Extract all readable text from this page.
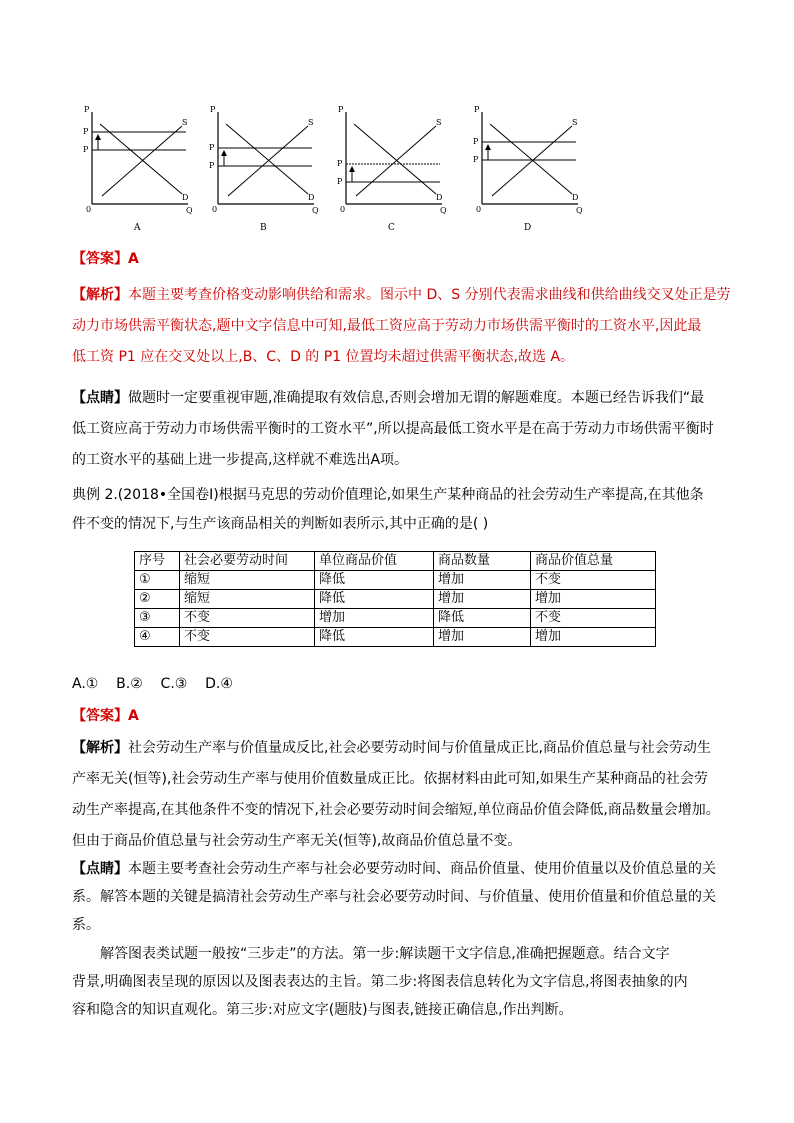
P
P
P
S
D
0	Q
A
P
P
P
S
D
0	Q
B
P
P
P
S
D
0	Q
C
P
P
P
S
D
0	Q
D
【答案】A
【解析】本题主要考查价格变动影响供给和需求。图示中 D、S 分别代表需求曲线和供给曲线交叉处正是劳
动力市场供需平衡状态,题中文字信息中可知,最低工资应高于劳动力市场供需平衡时的工资水平,因此最
低工资 P1 应在交叉处以上,B、C、D 的 P1 位置均未超过供需平衡状态,故选 A。
【点睛】做题时一定要重视审题,准确提取有效信息,否则会增加无谓的解题难度。本题已经告诉我们“最
低工资应高于劳动力市场供需平衡时的工资水平”,所以提高最低工资水平是在高于劳动力市场供需平衡时
的工资水平的基础上进一步提高,这样就不难选出A项。
典例 2.(2018•全国卷Ⅰ)根据马克思的劳动价值理论,如果生产某种商品的社会劳动生产率提高,在其他条
件不变的情况下,与生产该商品相关的判断如表所示,其中正确的是( )
序号	社会必要劳动时间	单位商品价值	商品数量	商品价值总量
①	缩短	降低	增加	不变
②	缩短	降低	增加	增加
③	不变	增加	降低	不变
④	不变	降低	增加	增加
A.①    B.②    C.③    D.④
【答案】A
【解析】社会劳动生产率与价值量成反比,社会必要劳动时间与价值量成正比,商品价值总量与社会劳动生
产率无关(恒等),社会劳动生产率与使用价值数量成正比。依据材料由此可知,如果生产某种商品的社会劳
动生产率提高,在其他条件不变的情况下,社会必要劳动时间会缩短,单位商品价值会降低,商品数量会增加。
但由于商品价值总量与社会劳动生产率无关(恒等),故商品价值总量不变。
【点睛】本题主要考查社会劳动生产率与社会必要劳动时间、商品价值量、使用价值量以及价值总量的关
系。解答本题的关键是搞清社会劳动生产率与社会必要劳动时间、与价值量、使用价值量和价值总量的关
系。
解答图表类试题一般按“三步走”的方法。第一步:解读题干文字信息,准确把握题意。结合文字
背景,明确图表呈现的原因以及图表表达的主旨。第二步:将图表信息转化为文字信息,将图表抽象的内
容和隐含的知识直观化。第三步:对应文字(题肢)与图表,链接正确信息,作出判断。
